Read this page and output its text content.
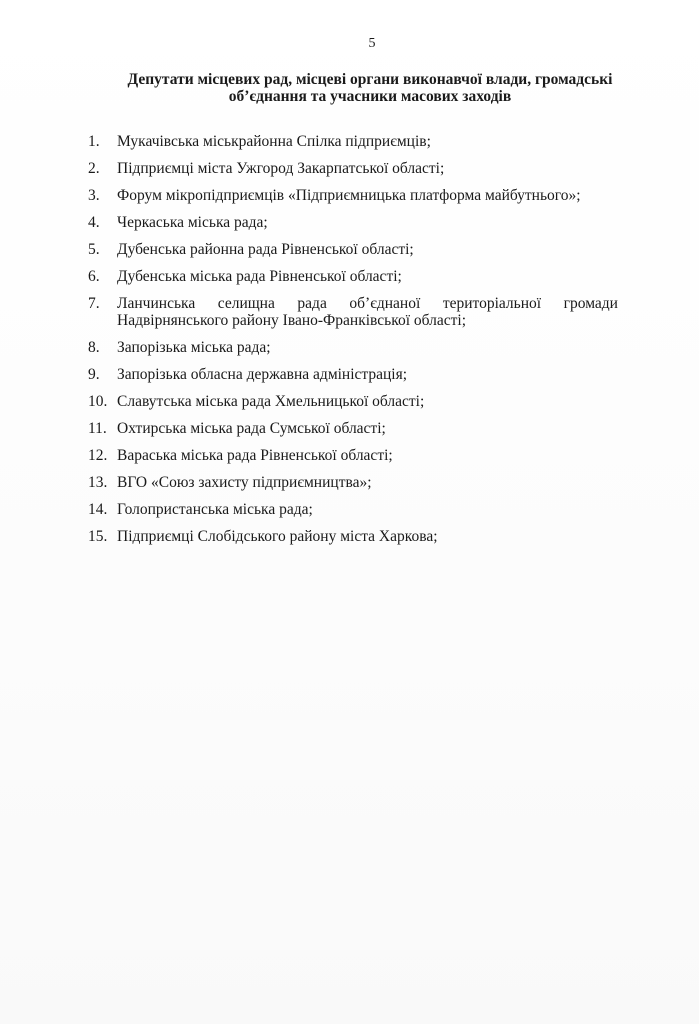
5
Депутати місцевих рад, місцеві органи виконавчої влади, громадські
об’єднання та учасники масових заходів
1. Мукачівська міськрайонна Спілка підприємців;
2. Підприємці міста Ужгород Закарпатської області;
3. Форум мікропідприємців «Підприємницька платформа майбутнього»;
4. Черкаська міська рада;
5. Дубенська районна рада Рівненської області;
6. Дубенська міська рада Рівненської області;
7. Ланчинська селищна рада об’єднаної територіальної громади
Надвірнянського району Івано-Франківської області;
8. Запорізька міська рада;
9. Запорізька обласна державна адміністрація;
10. Славутська міська рада Хмельницької області;
11. Охтирська міська рада Сумської області;
12. Вараська міська рада Рівненської області;
13. ВГО «Союз захисту підприємництва»;
14. Голопристанська міська рада;
15. Підприємці Слобідського району міста Харкова;
